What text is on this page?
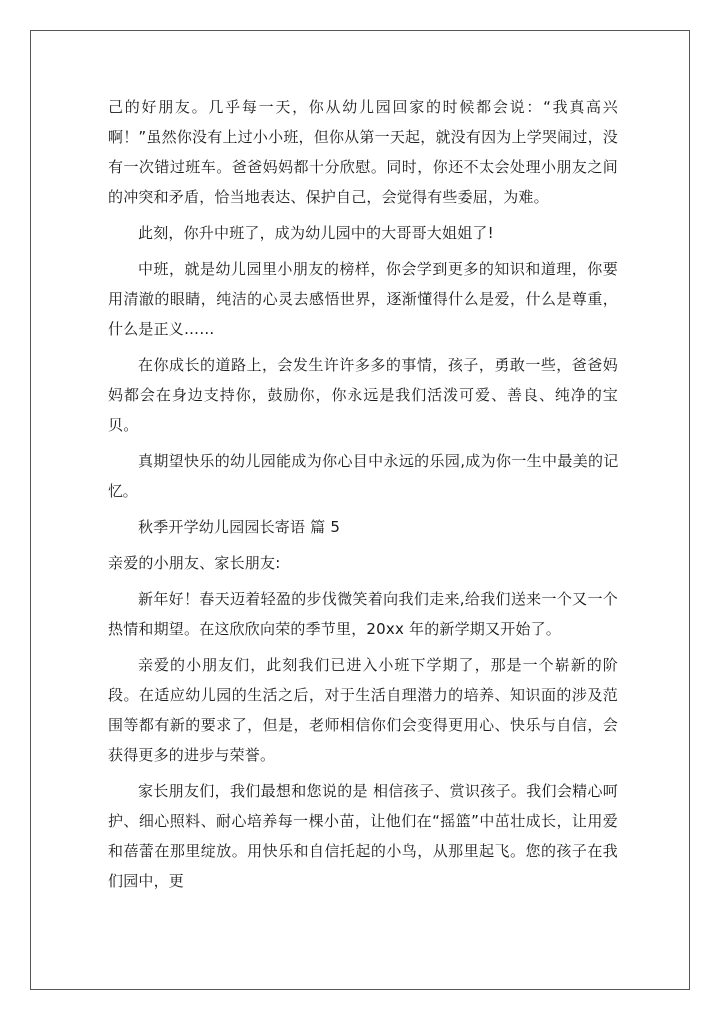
己的好朋友。几乎每一天，你从幼儿园回家的时候都会说：“我真高兴啊！”虽然你没有上过小小班，但你从第一天起，就没有因为上学哭闹过，没有一次错过班车。爸爸妈妈都十分欣慰。同时，你还不太会处理小朋友之间的冲突和矛盾，恰当地表达、保护自己，会觉得有些委屈，为难。

此刻，你升中班了，成为幼儿园中的大哥哥大姐姐了!

中班，就是幼儿园里小朋友的榜样，你会学到更多的知识和道理，你要用清澈的眼睛，纯洁的心灵去感悟世界，逐渐懂得什么是爱，什么是尊重，什么是正义……

在你成长的道路上，会发生许许多多的事情，孩子，勇敢一些，爸爸妈妈都会在身边支持你，鼓励你，你永远是我们活泼可爱、善良、纯净的宝贝。

真期望快乐的幼儿园能成为你心目中永远的乐园,成为你一生中最美的记忆。

秋季开学幼儿园园长寄语 篇 5

亲爱的小朋友、家长朋友:

新年好！春天迈着轻盈的步伐微笑着向我们走来,给我们送来一个又一个热情和期望。在这欣欣向荣的季节里，20xx 年的新学期又开始了。

亲爱的小朋友们，此刻我们已进入小班下学期了，那是一个崭新的阶段。在适应幼儿园的生活之后，对于生活自理潜力的培养、知识面的涉及范围等都有新的要求了，但是，老师相信你们会变得更用心、快乐与自信，会获得更多的进步与荣誉。

家长朋友们，我们最想和您说的是 相信孩子、赏识孩子。我们会精心呵护、细心照料、耐心培养每一棵小苗，让他们在“摇篮”中茁壮成长，让用爱和蓓蕾在那里绽放。用快乐和自信托起的小鸟，从那里起飞。您的孩子在我们园中，更
